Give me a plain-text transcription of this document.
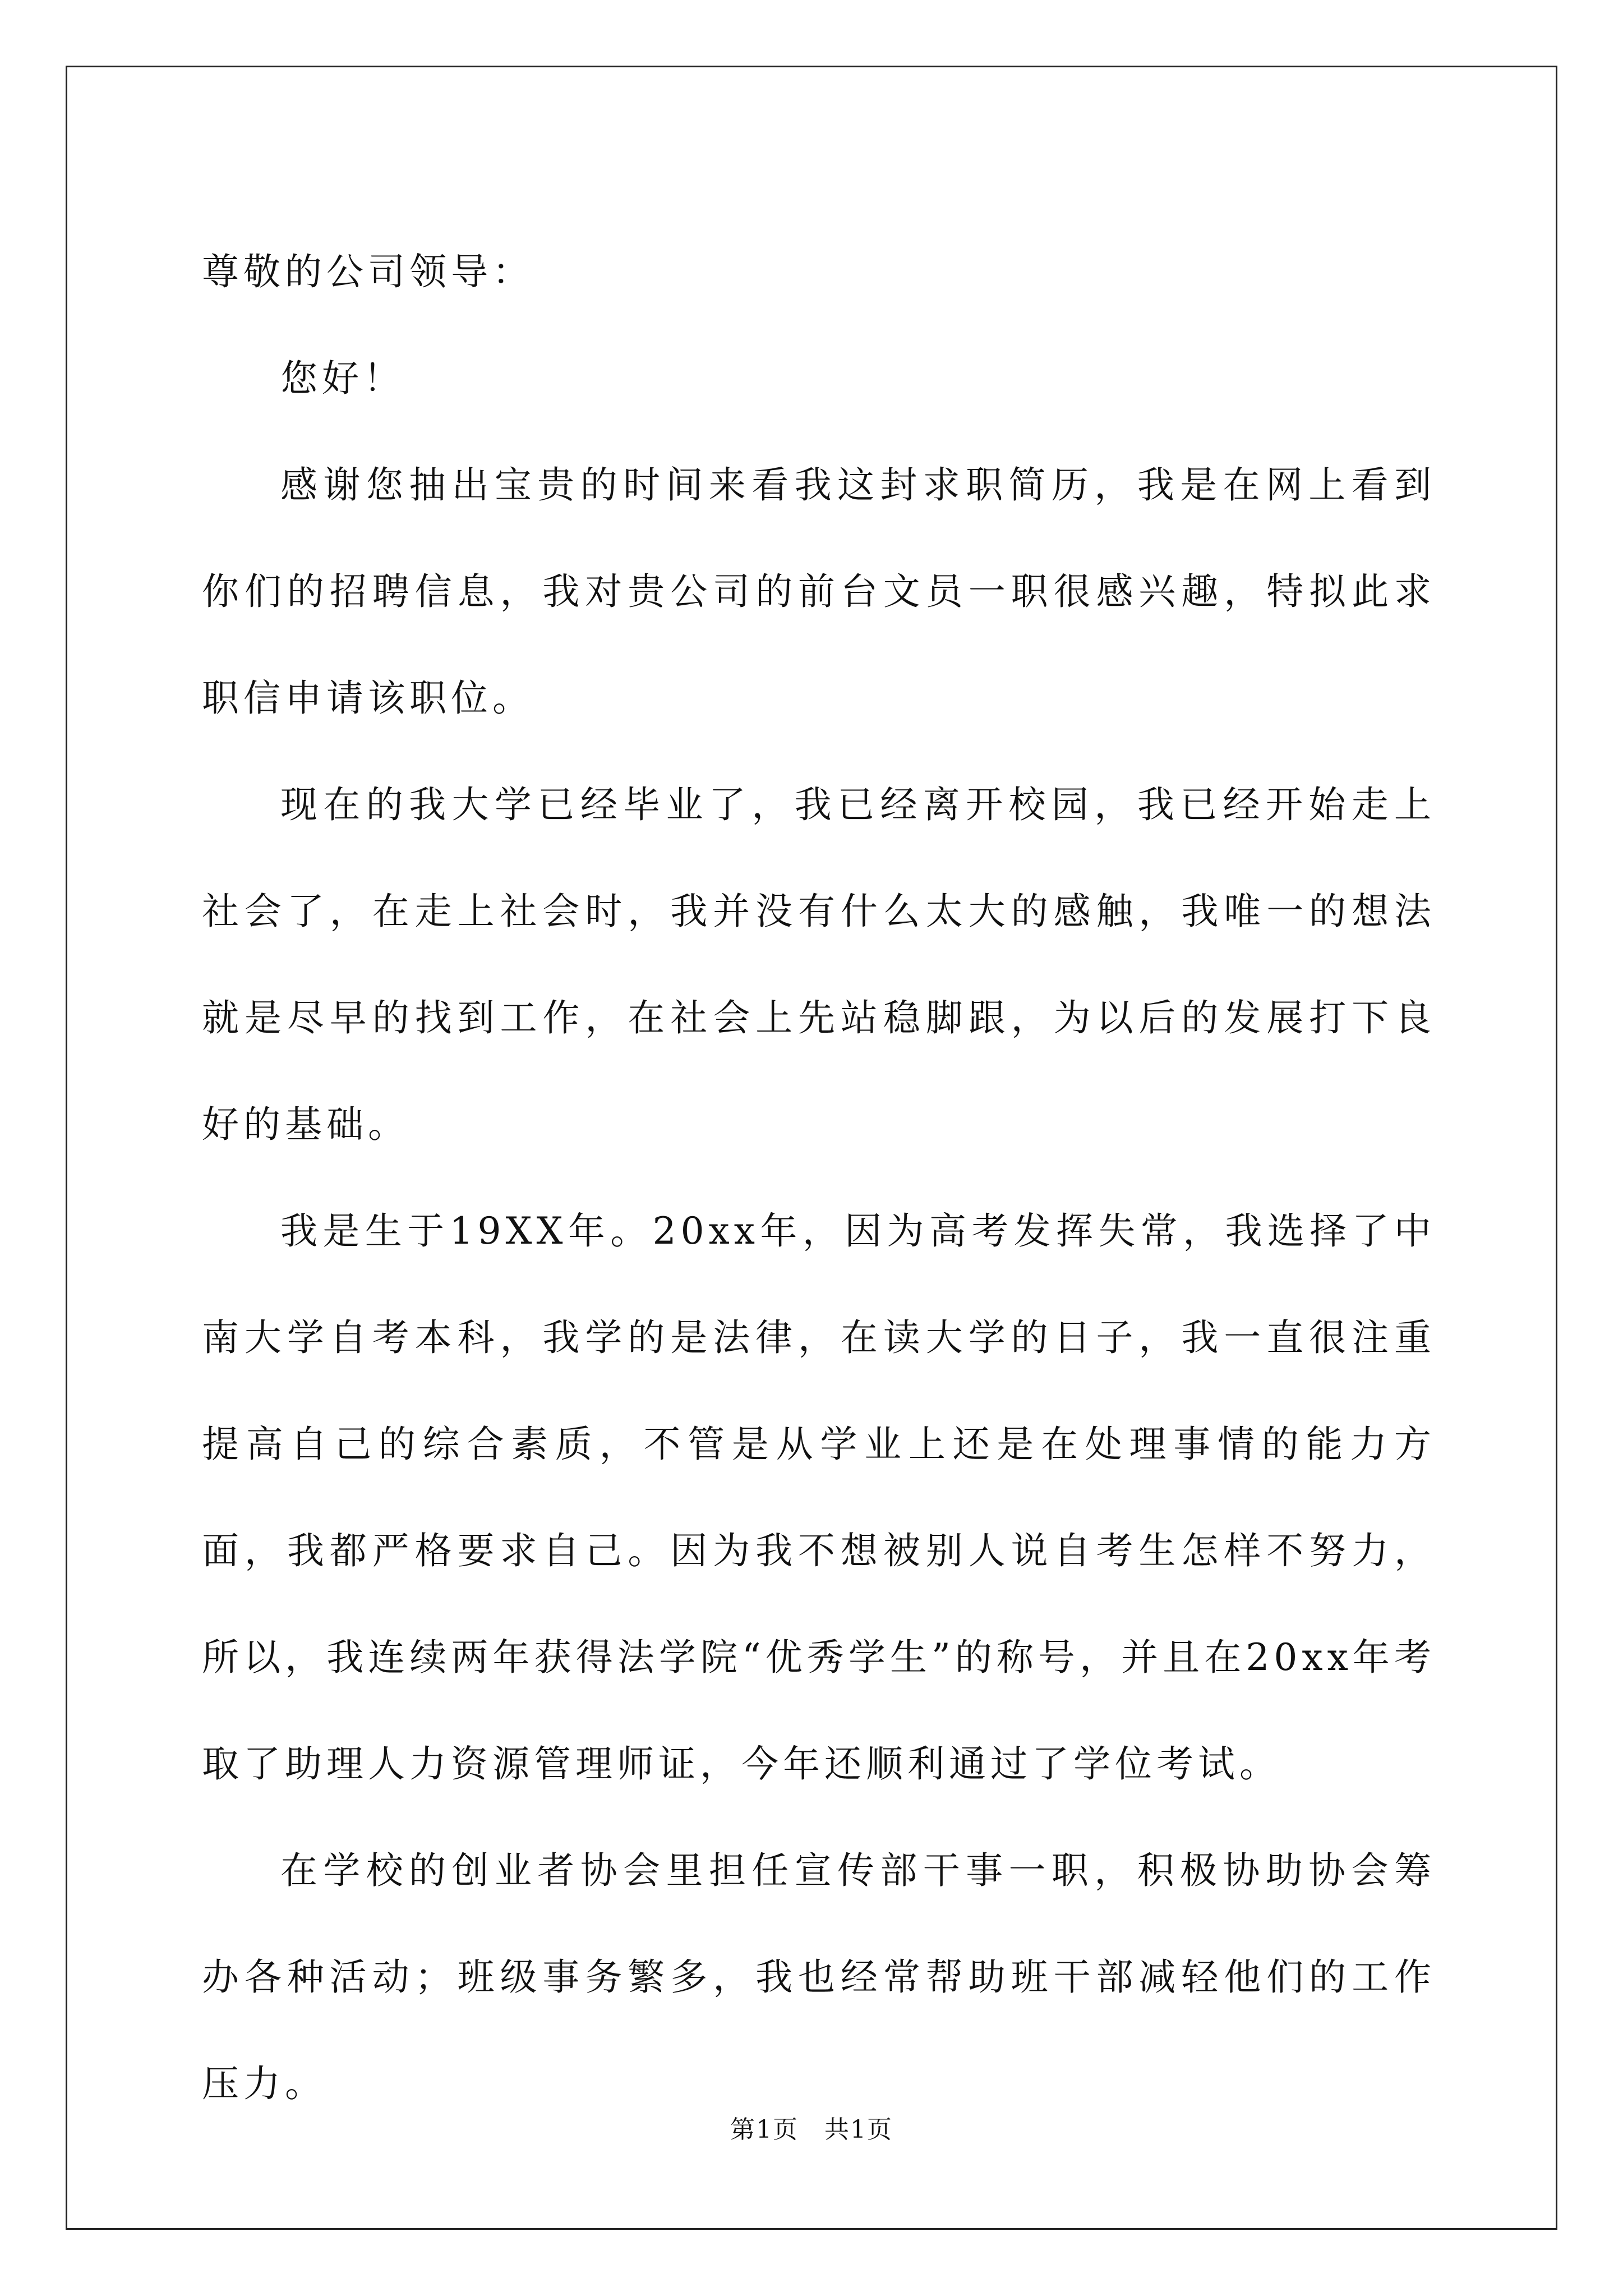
尊敬的公司领导：

您好！

感谢您抽出宝贵的时间来看我这封求职简历，我是在网上看到你们的招聘信息，我对贵公司的前台文员一职很感兴趣，特拟此求职信申请该职位。

现在的我大学已经毕业了，我已经离开校园，我已经开始走上社会了，在走上社会时，我并没有什么太大的感触，我唯一的想法就是尽早的找到工作，在社会上先站稳脚跟，为以后的发展打下良好的基础。

我是生于19XX年。20xx年，因为高考发挥失常，我选择了中南大学自考本科，我学的是法律，在读大学的日子，我一直很注重提高自己的综合素质，不管是从学业上还是在处理事情的能力方面，我都严格要求自己。因为我不想被别人说自考生怎样不努力，所以，我连续两年获得法学院“优秀学生”的称号，并且在20xx年考取了助理人力资源管理师证，今年还顺利通过了学位考试。

在学校的创业者协会里担任宣传部干事一职，积极协助协会筹办各种活动；班级事务繁多，我也经常帮助班干部减轻他们的工作压力。

第1页　共1页
